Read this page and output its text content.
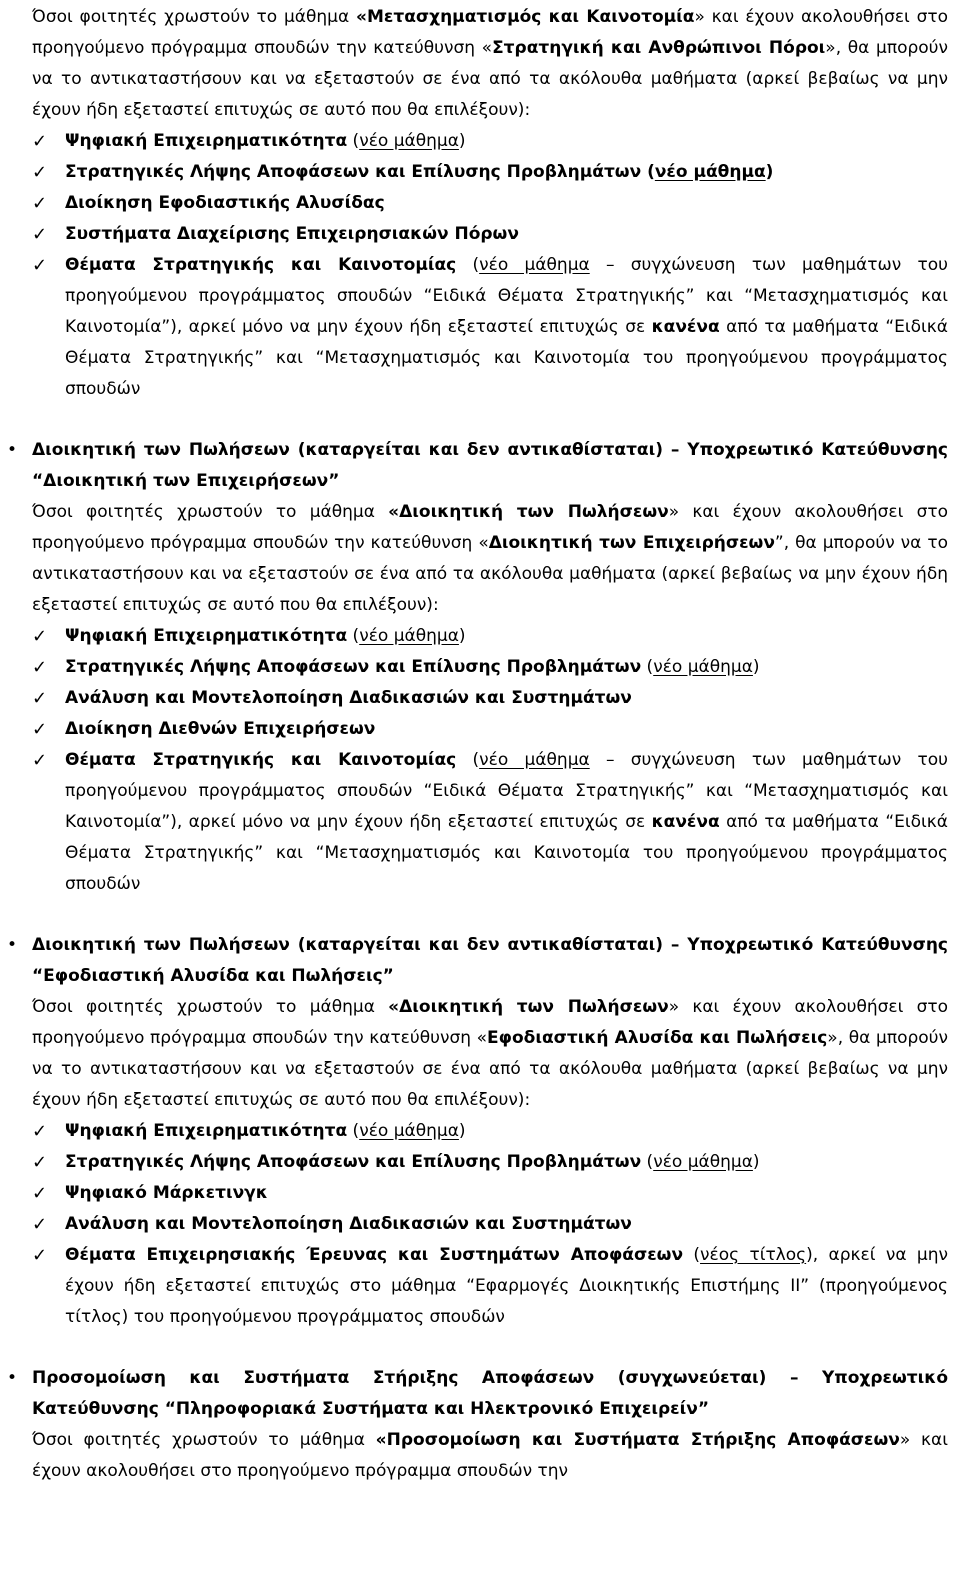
Όσοι φοιτητές χρωστούν το μάθημα «Μετασχηματισμός και Καινοτομία» και έχουν ακολουθήσει στο προηγούμενο πρόγραμμα σπουδών την κατεύθυνση «Στρατηγική και Ανθρώπινοι Πόροι», θα μπορούν να το αντικαταστήσουν και να εξεταστούν σε ένα από τα ακόλουθα μαθήματα (αρκεί βεβαίως να μην έχουν ήδη εξεταστεί επιτυχώς σε αυτό που θα επιλέξουν):

✓ Ψηφιακή Επιχειρηματικότητα (νέο μάθημα)
✓ Στρατηγικές Λήψης Αποφάσεων και Επίλυσης Προβλημάτων (νέο μάθημα)
✓ Διοίκηση Εφοδιαστικής Αλυσίδας
✓ Συστήματα Διαχείρισης Επιχειρησιακών Πόρων
✓ Θέματα Στρατηγικής και Καινοτομίας (νέο μάθημα – συγχώνευση των μαθημάτων του προηγούμενου προγράμματος σπουδών “Ειδικά Θέματα Στρατηγικής” και “Μετασχηματισμός και Καινοτομία”), αρκεί μόνο να μην έχουν ήδη εξεταστεί επιτυχώς σε κανένα από τα μαθήματα “Ειδικά Θέματα Στρατηγικής” και “Μετασχηματισμός και Καινοτομία του προηγούμενου προγράμματος σπουδών

• Διοικητική των Πωλήσεων (καταργείται και δεν αντικαθίσταται) – Υποχρεωτικό Κατεύθυνσης “Διοικητική των Επιχειρήσεων”

Όσοι φοιτητές χρωστούν το μάθημα «Διοικητική των Πωλήσεων» και έχουν ακολουθήσει στο προηγούμενο πρόγραμμα σπουδών την κατεύθυνση «Διοικητική των Επιχειρήσεων”, θα μπορούν να το αντικαταστήσουν και να εξεταστούν σε ένα από τα ακόλουθα μαθήματα (αρκεί βεβαίως να μην έχουν ήδη εξεταστεί επιτυχώς σε αυτό που θα επιλέξουν):

✓ Ψηφιακή Επιχειρηματικότητα (νέο μάθημα)
✓ Στρατηγικές Λήψης Αποφάσεων και Επίλυσης Προβλημάτων (νέο μάθημα)
✓ Ανάλυση και Μοντελοποίηση Διαδικασιών και Συστημάτων
✓ Διοίκηση Διεθνών Επιχειρήσεων
✓ Θέματα Στρατηγικής και Καινοτομίας (νέο μάθημα – συγχώνευση των μαθημάτων του προηγούμενου προγράμματος σπουδών “Ειδικά Θέματα Στρατηγικής” και “Μετασχηματισμός και Καινοτομία”), αρκεί μόνο να μην έχουν ήδη εξεταστεί επιτυχώς σε κανένα από τα μαθήματα “Ειδικά Θέματα Στρατηγικής” και “Μετασχηματισμός και Καινοτομία του προηγούμενου προγράμματος σπουδών

• Διοικητική των Πωλήσεων (καταργείται και δεν αντικαθίσταται) – Υποχρεωτικό Κατεύθυνσης “Εφοδιαστική Αλυσίδα και Πωλήσεις”

Όσοι φοιτητές χρωστούν το μάθημα «Διοικητική των Πωλήσεων» και έχουν ακολουθήσει στο προηγούμενο πρόγραμμα σπουδών την κατεύθυνση «Εφοδιαστική Αλυσίδα και Πωλήσεις», θα μπορούν να το αντικαταστήσουν και να εξεταστούν σε ένα από τα ακόλουθα μαθήματα (αρκεί βεβαίως να μην έχουν ήδη εξεταστεί επιτυχώς σε αυτό που θα επιλέξουν):

✓ Ψηφιακή Επιχειρηματικότητα (νέο μάθημα)
✓ Στρατηγικές Λήψης Αποφάσεων και Επίλυσης Προβλημάτων (νέο μάθημα)
✓ Ψηφιακό Μάρκετινγκ
✓ Ανάλυση και Μοντελοποίηση Διαδικασιών και Συστημάτων
✓ Θέματα Επιχειρησιακής Έρευνας και Συστημάτων Αποφάσεων (νέος τίτλος), αρκεί να μην έχουν ήδη εξεταστεί επιτυχώς στο μάθημα “Εφαρμογές Διοικητικής Επιστήμης ΙΙ” (προηγούμενος τίτλος) του προηγούμενου προγράμματος σπουδών

• Προσομοίωση και Συστήματα Στήριξης Αποφάσεων (συγχωνεύεται) – Υποχρεωτικό Κατεύθυνσης “Πληροφοριακά Συστήματα και Ηλεκτρονικό Επιχειρείν”

Όσοι φοιτητές χρωστούν το μάθημα «Προσομοίωση και Συστήματα Στήριξης Αποφάσεων» και έχουν ακολουθήσει στο προηγούμενο πρόγραμμα σπουδών την
